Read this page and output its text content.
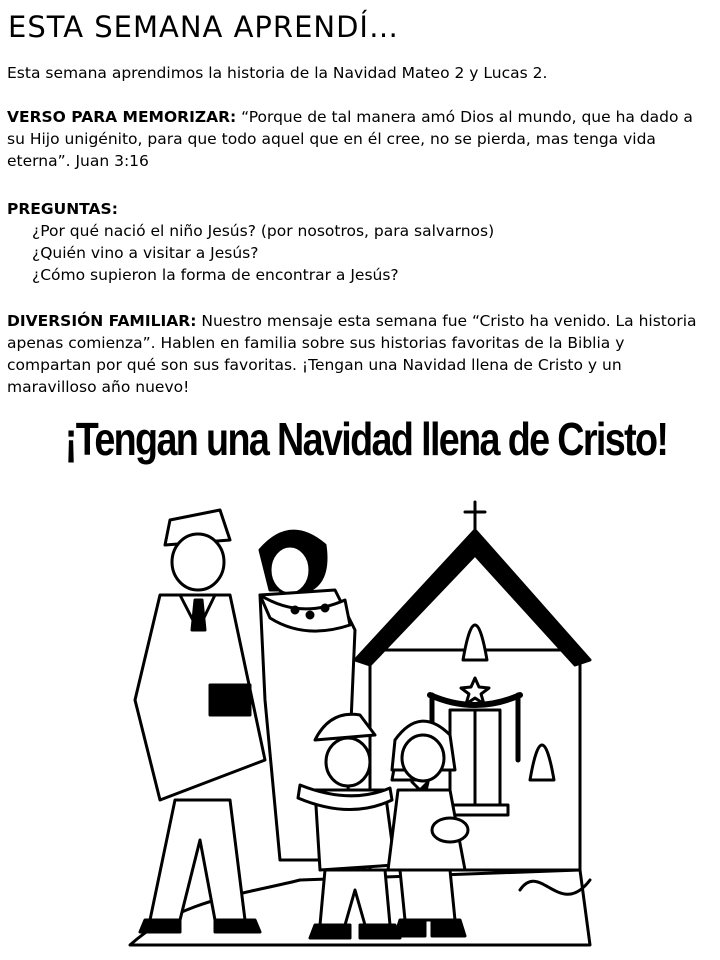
ESTA SEMANA APRENDÍ…

Esta semana aprendimos la historia de la Navidad Mateo 2 y Lucas 2.

VERSO PARA MEMORIZAR: “Porque de tal manera amó Dios al mundo, que ha dado a su Hijo unigénito, para que todo aquel que en él cree, no se pierda, mas tenga vida eterna”. Juan 3:16

PREGUNTAS:

¿Por qué nació el niño Jesús? (por nosotros, para salvarnos)
¿Quién vino a visitar a Jesús?
¿Cómo supieron la forma de encontrar a Jesús?

DIVERSIÓN FAMILIAR: Nuestro mensaje esta semana fue “Cristo ha venido. La historia apenas comienza”. Hablen en familia sobre sus historias favoritas de la Biblia y compartan por qué son sus favoritas. ¡Tengan una Navidad llena de Cristo y un maravilloso año nuevo!

¡Tengan una Navidad llena de Cristo!
